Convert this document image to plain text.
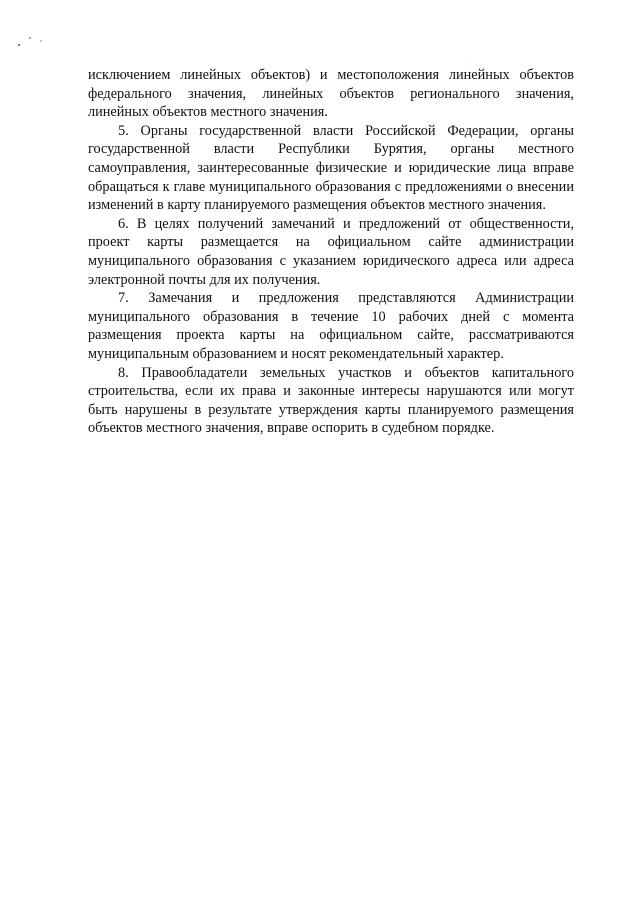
исключением линейных объектов) и местоположения линейных объектов федерального значения, линейных объектов регионального значения, линейных объектов местного значения.

5. Органы государственной власти Российской Федерации, органы государственной власти Республики Бурятия, органы местного самоуправления, заинтересованные физические и юридические лица вправе обращаться к главе муниципального образования с предложениями о внесении изменений в карту планируемого размещения объектов местного значения.

6. В целях получений замечаний и предложений от общественности, проект карты размещается на официальном сайте администрации муниципального образования с указанием юридического адреса или адреса электронной почты для их получения.

7. Замечания и предложения представляются Администрации муниципального образования в течение 10 рабочих дней с момента размещения проекта карты на официальном сайте, рассматриваются муниципальным образованием и носят рекомендательный характер.

8. Правообладатели земельных участков и объектов капитального строительства, если их права и законные интересы нарушаются или могут быть нарушены в результате утверждения карты планируемого размещения объектов местного значения, вправе оспорить в судебном порядке.
